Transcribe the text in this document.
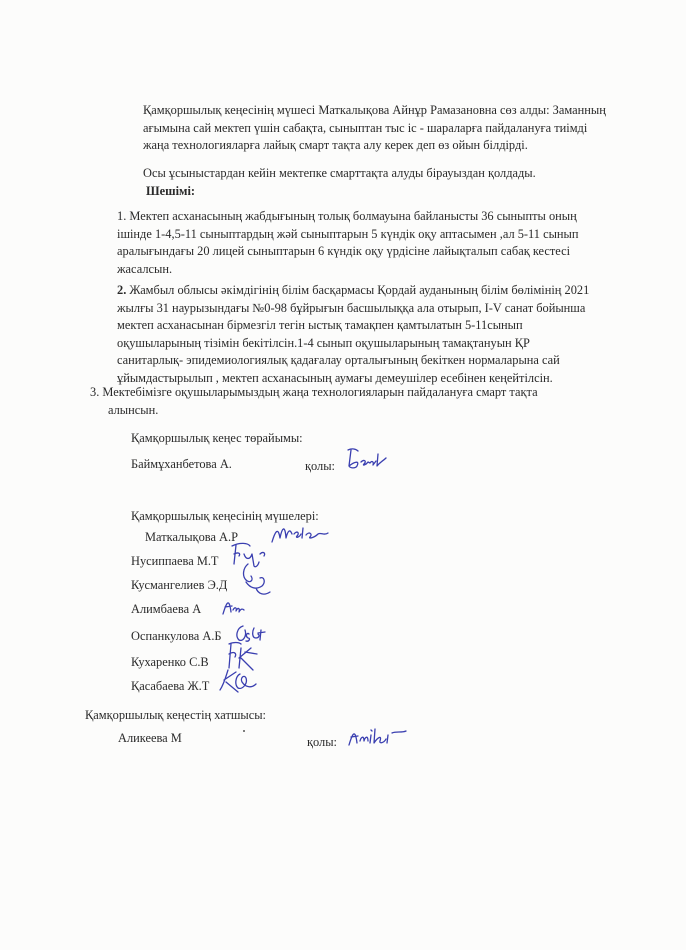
Қамқоршылық кеңесінің мүшесі Маткалықова Айнұр Рамазановна сөз алды: Заманның
ағымына сай мектеп үшін сабақта, сыныптан тыс іс - шараларға пайдалануға тиімді
жаңа технологияларға лайық смарт тақта алу керек деп өз ойын білдірді.
Осы ұсыныстардан кейін мектепке смарттақта алуды бірауыздан қолдады.
Шешімі:
1. Мектеп асханасының жабдығының толық болмауына байланысты 36 сыныпты оның
ішінде 1-4,5-11 сыныптардың жәй сыныптарын 5 күндік оқу аптасымен ,ал 5-11 сынып
аралығындағы 20 лицей сыныптарын 6 күндік оқу үрдісіне лайықталып сабақ кестесі
жасалсын.
2. Жамбыл облысы әкімдігінің білім басқармасы Қордай ауданының білім бөлімінің 2021
жылғы 31 наурызындағы №0-98 бұйрығын басшылыққа ала отырып, I-V санат бойынша
мектеп асханасынан бірмезгіл тегін ыстық тамақпен қамтылатын 5-11сынып
оқушыларының тізімін бекітілсін.1-4 сынып оқушыларының тамақтануын ҚР
санитарлық- эпидемиологиялық қадағалау орталығының бекіткен нормаларына сай
ұйымдастырылып , мектеп асханасының аумағы демеушілер есебінен кеңейтілсін.
3. Мектебімізге оқушыларымыздың жаңа технологияларын пайдалануға смарт тақта
алынсын.
Қамқоршылық кеңес төрайымы:
Баймұханбетова А.	қолы:
Қамқоршылық кеңесінің мүшелері:
Маткалықова А.Р
Нусиппаева М.Т
Кусмангелиев Э.Д
Алимбаева А
Оспанкулова А.Б
Кухаренко С.В
Қасабаева Ж.Т
Қамқоршылық кеңестің хатшысы:
Аликеева М	қолы:
